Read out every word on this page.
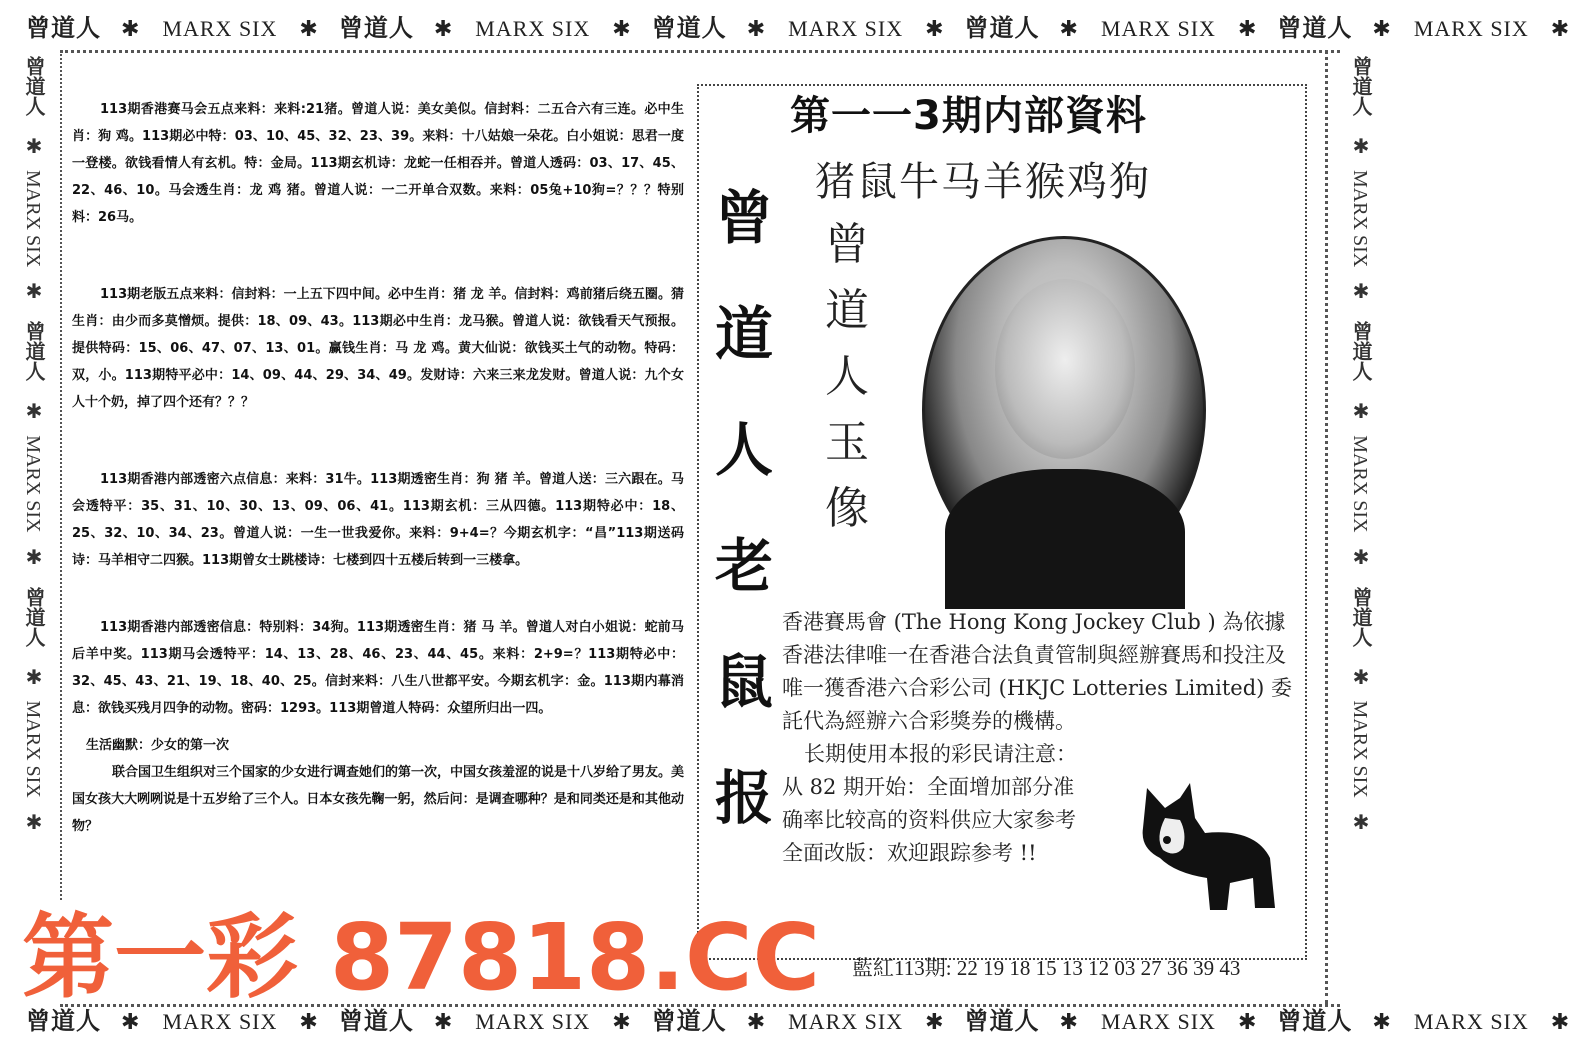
曾道人 ✱ MARX SIX ✱ 曾道人 ✱ MARX SIX ✱ 曾道人 ✱ MARX SIX ✱ 曾道人 ✱ MARX SIX ✱ 曾道人 ✱ MARX SIX ✱
曾道人 ✱ MARX SIX ✱ 曾道人 ✱ MARX SIX ✱ 曾道人 ✱ MARX SIX ✱ 曾道人 ✱ MARX SIX ✱ 曾道人 ✱ MARX SIX ✱
曾道人✱MARX SIX✱曾道人✱MARX SIX✱曾道人✱MARX SIX✱
曾道人✱MARX SIX✱曾道人✱MARX SIX✱曾道人✱MARX SIX✱

113期香港赛马会五点来料：来料:21猪。曾道人说：美女美似。信封料：二五合六有三连。必中生肖：狗 鸡。113期必中特：03、10、45、32、23、39。来料：十八姑娘一朵花。白小姐说：思君一度一登楼。欲钱看情人有玄机。特：金局。113期玄机诗：龙蛇一任相吞并。曾道人透码：03、17、45、22、46、10。马会透生肖：龙 鸡 猪。曾道人说：一二开单合双数。来料：05兔+10狗=？？？特别料：26马。

113期老版五点来料：信封料：一上五下四中间。必中生肖：猪 龙 羊。信封料：鸡前猪后绕五圈。猜生肖：由少而多莫憎烦。提供：18、09、43。113期必中生肖：龙马猴。曾道人说：欲钱看天气预报。提供特码：15、06、47、07、13、01。赢钱生肖：马 龙 鸡。黄大仙说：欲钱买土气的动物。特码：双，小。113期特平必中：14、09、44、29、34、49。发财诗：六来三来龙发财。曾道人说：九个女人十个奶，掉了四个还有？？？

113期香港内部透密六点信息：来料：31牛。113期透密生肖：狗 猪 羊。曾道人送：三六跟在。马会透特平：35、31、10、30、13、09、06、41。113期玄机：三从四德。113期特必中：18、25、32、10、34、23。曾道人说：一生一世我爱你。来料：9+4=？今期玄机字：“昌”113期送码诗：马羊相守二四猴。113期曾女士跳楼诗：七楼到四十五楼后转到一三楼拿。

113期香港内部透密信息：特别料：34狗。113期透密生肖：猪 马 羊。曾道人对白小姐说：蛇前马后羊中奖。113期马会透特平：14、13、28、46、23、44、45。来料：2+9=？113期特必中：32、45、43、21、19、18、40、25。信封来料：八生八世都平安。今期玄机字：金。113期内幕消息：欲钱买残月四争的动物。密码：1293。113期曾道人特码：众望所归出一四。

生活幽默：少女的第一次

联合国卫生组织对三个国家的少女进行调查她们的第一次，中国女孩羞涩的说是十八岁给了男友。美国女孩大大咧咧说是十五岁给了三个人。日本女孩先鞠一躬，然后问：是调查哪种？是和同类还是和其他动物？

第一一3期内部資料
猪鼠牛马羊猴鸡狗
曾
道
人
老
鼠
报
曾
道
人
玉
像
香港賽馬會 (The Hong Kong Jockey Club ) 為依據香港法律唯一在香港合法負責管制與經辦賽馬和投注及唯一獲香港六合彩公司 (HKJC Lotteries Limited) 委託代為經辦六合彩獎券的機構。
长期使用本报的彩民请注意：
从 82 期开始：全面增加部分准
确率比较高的资料供应大家参考
全面改版：欢迎跟踪参考 !!
藍紅113期: 22 19 18 15 13 12 03 27 36 39 43
第一彩 87818.CC
